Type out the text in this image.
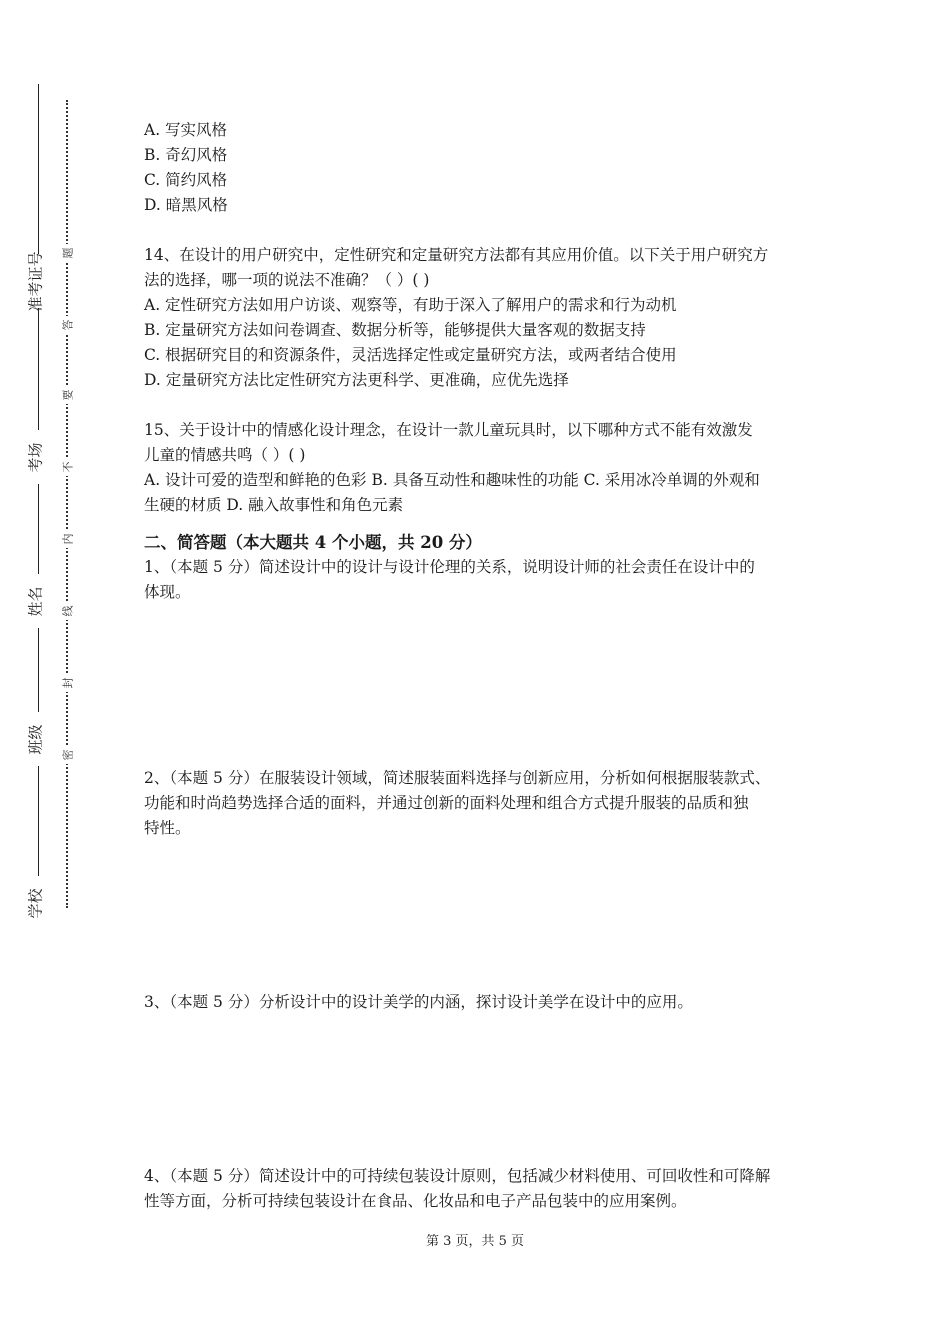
准考证号
考场
姓名
班级
学校
题
答
要
不
内
线
封
密

A. 写实风格

B. 奇幻风格

C. 简约风格

D. 暗黑风格

14、在设计的用户研究中，定性研究和定量研究方法都有其应用价值。以下关于用户研究方

法的选择，哪一项的说法不准确？（ ）( )

A. 定性研究方法如用户访谈、观察等，有助于深入了解用户的需求和行为动机

B. 定量研究方法如问卷调查、数据分析等，能够提供大量客观的数据支持

C. 根据研究目的和资源条件，灵活选择定性或定量研究方法，或两者结合使用

D. 定量研究方法比定性研究方法更科学、更准确，应优先选择

15、关于设计中的情感化设计理念，在设计一款儿童玩具时，以下哪种方式不能有效激发

儿童的情感共鸣（ ）( )

A. 设计可爱的造型和鲜艳的色彩 B. 具备互动性和趣味性的功能 C. 采用冰冷单调的外观和

生硬的材质 D. 融入故事性和角色元素

二、简答题（本大题共 4 个小题，共 20 分）

1、（本题 5 分）简述设计中的设计与设计伦理的关系，说明设计师的社会责任在设计中的

体现。

2、（本题 5 分）在服装设计领域，简述服装面料选择与创新应用，分析如何根据服装款式、

功能和时尚趋势选择合适的面料，并通过创新的面料处理和组合方式提升服装的品质和独

特性。

3、（本题 5 分）分析设计中的设计美学的内涵，探讨设计美学在设计中的应用。

4、（本题 5 分）简述设计中的可持续包装设计原则，包括减少材料使用、可回收性和可降解

性等方面，分析可持续包装设计在食品、化妆品和电子产品包装中的应用案例。

第 3 页，共 5 页
